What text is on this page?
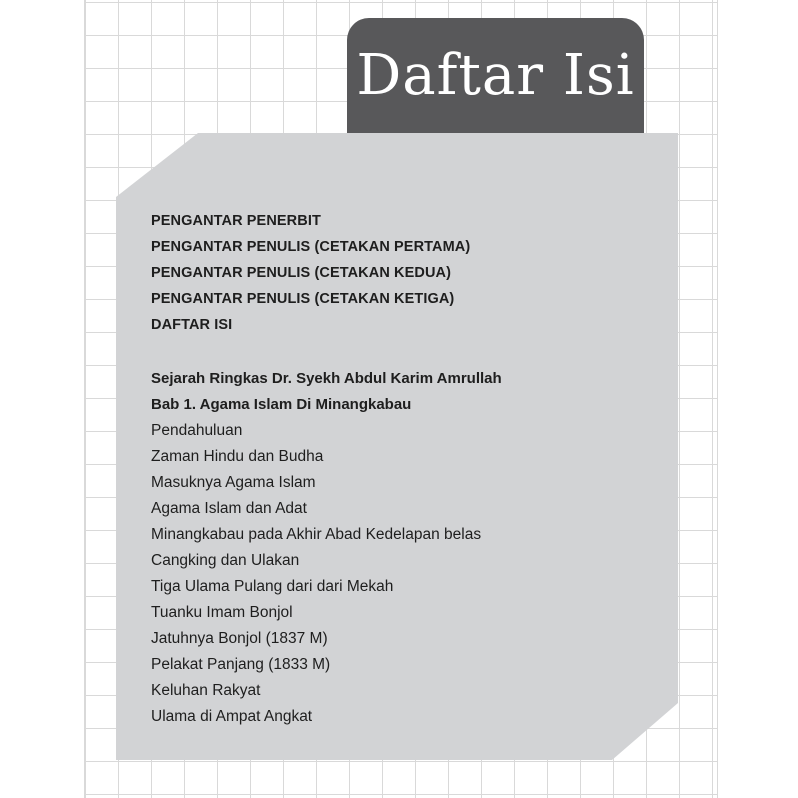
Daftar Isi
PENGANTAR PENERBIT
PENGANTAR PENULIS (CETAKAN PERTAMA)
PENGANTAR PENULIS (CETAKAN KEDUA)
PENGANTAR PENULIS (CETAKAN KETIGA)
DAFTAR ISI
Sejarah Ringkas Dr. Syekh Abdul Karim Amrullah
Bab 1. Agama Islam Di Minangkabau
Pendahuluan
Zaman Hindu dan Budha
Masuknya Agama Islam
Agama Islam dan Adat
Minangkabau pada Akhir Abad Kedelapan belas
Cangking dan Ulakan
Tiga Ulama Pulang dari dari Mekah
Tuanku Imam Bonjol
Jatuhnya Bonjol (1837 M)
Pelakat Panjang (1833 M)
Keluhan Rakyat
Ulama di Ampat Angkat
